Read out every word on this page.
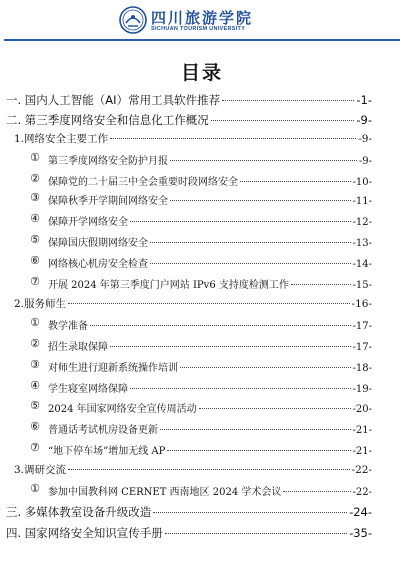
四川旅游学院
SICHUAN TOURISM UNIVERSITY
目录
一. 国内人工智能（AI）常用工具软件推荐	-1-
二. 第三季度网络安全和信息化工作概况	-9-
1.网络安全主要工作	-9-
① 第三季度网络安全防护月报	-9-
② 保障党的二十届三中全会重要时段网络安全	-10-
③ 保障秋季开学期间网络安全	-11-
④ 保障开学网络安全	-12-
⑤ 保障国庆假期网络安全	-13-
⑥ 网络核心机房安全检查	-14-
⑦ 开展 2024 年第三季度门户网站 IPv6 支持度检测工作	-15-
2.服务师生	-16-
① 教学准备	-17-
② 招生录取保障	-17-
③ 对师生进行迎新系统操作培训	-18-
④ 学生寝室网络保障	-19-
⑤ 2024 年国家网络安全宣传周活动	-20-
⑥ 普通话考试机房设备更新	-21-
⑦ “地下停车场”增加无线 AP	-21-
3.调研交流	-22-
① 参加中国教科网 CERNET 西南地区 2024 学术会议	-22-
三. 多媒体教室设备升级改造	-24-
四. 国家网络安全知识宣传手册	-35-
